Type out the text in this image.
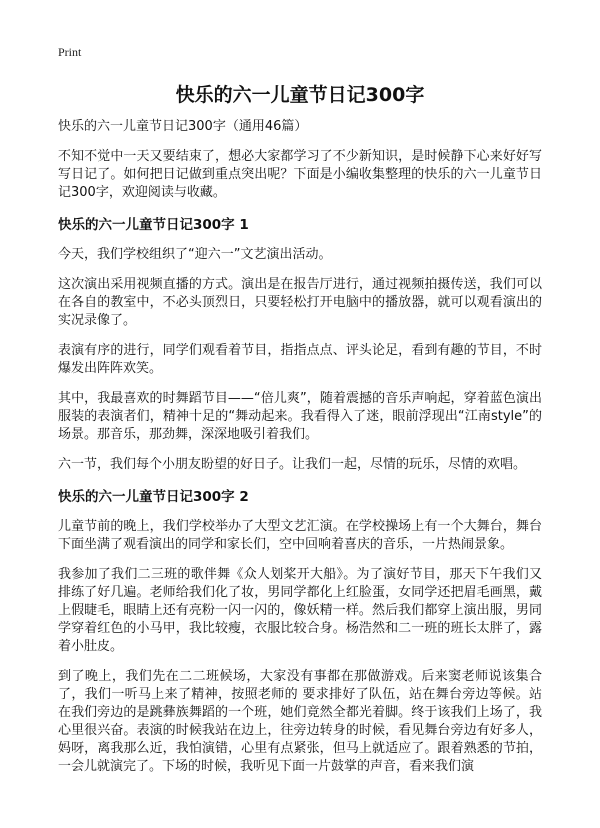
Print
快乐的六一儿童节日记300字

快乐的六一儿童节日记300字（通用46篇）

不知不觉中一天又要结束了，想必大家都学习了不少新知识，是时候静下心来好好写写日记了。如何把日记做到重点突出呢？下面是小编收集整理的快乐的六一儿童节日记300字，欢迎阅读与收藏。

快乐的六一儿童节日记300字 1

今天，我们学校组织了“迎六一”文艺演出活动。

这次演出采用视频直播的方式。演出是在报告厅进行，通过视频拍摄传送，我们可以在各自的教室中，不必头顶烈日，只要轻松打开电脑中的播放器，就可以观看演出的实况录像了。

表演有序的进行，同学们观看着节目，指指点点、评头论足，看到有趣的节目，不时爆发出阵阵欢笑。

其中，我最喜欢的时舞蹈节目——“倍儿爽”，随着震撼的音乐声响起，穿着蓝色演出服装的表演者们，精神十足的“舞动起来。我看得入了迷，眼前浮现出“江南style”的场景。那音乐，那劲舞，深深地吸引着我们。

六一节，我们每个小朋友盼望的好日子。让我们一起，尽情的玩乐，尽情的欢唱。

快乐的六一儿童节日记300字 2

儿童节前的晚上，我们学校举办了大型文艺汇演。在学校操场上有一个大舞台，舞台下面坐满了观看演出的同学和家长们，空中回响着喜庆的音乐，一片热闹景象。

我参加了我们二三班的歌伴舞《众人划桨开大船》。为了演好节目，那天下午我们又排练了好几遍。老师给我们化了妆，男同学都化上红脸蛋，女同学还把眉毛画黑，戴上假睫毛，眼睛上还有亮粉一闪一闪的，像妖精一样。然后我们都穿上演出服，男同学穿着红色的小马甲，我比较瘦，衣服比较合身。杨浩然和二一班的班长太胖了，露着小肚皮。

到了晚上，我们先在二二班候场，大家没有事都在那做游戏。后来窦老师说该集合了，我们一听马上来了精神，按照老师的 要求排好了队伍，站在舞台旁边等候。站在我们旁边的是跳彝族舞蹈的一个班，她们竟然全都光着脚。终于该我们上场了，我心里很兴奋。表演的时候我站在边上，往旁边转身的时候，看见舞台旁边有好多人，妈呀，离我那么近，我怕演错，心里有点紧张，但马上就适应了。跟着熟悉的节拍，一会儿就演完了。下场的时候，我听见下面一片鼓掌的声音，看来我们演
